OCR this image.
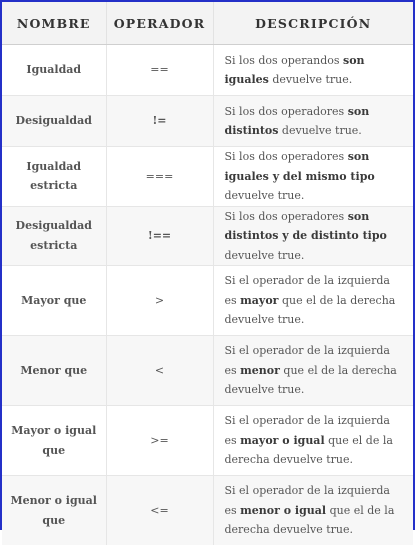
NOMBRE	OPERADOR	DESCRIPCIÓN
Igualdad	==	Si los dos operandos son iguales devuelve true.
Desigualdad	!=	Si los dos operadores son distintos devuelve true.
Igualdad estricta	===	Si los dos operadores son iguales y del mismo tipo devuelve true.
Desigualdad estricta	!==	Si los dos operadores son distintos y de distinto tipo devuelve true.
Mayor que	>	Si el operador de la izquierda es mayor que el de la derecha devuelve true.
Menor que	<	Si el operador de la izquierda es menor que el de la derecha devuelve true.
Mayor o igual que	>=	Si el operador de la izquierda es mayor o igual que el de la derecha devuelve true.
Menor o igual que	<=	Si el operador de la izquierda es menor o igual que el de la derecha devuelve true.
